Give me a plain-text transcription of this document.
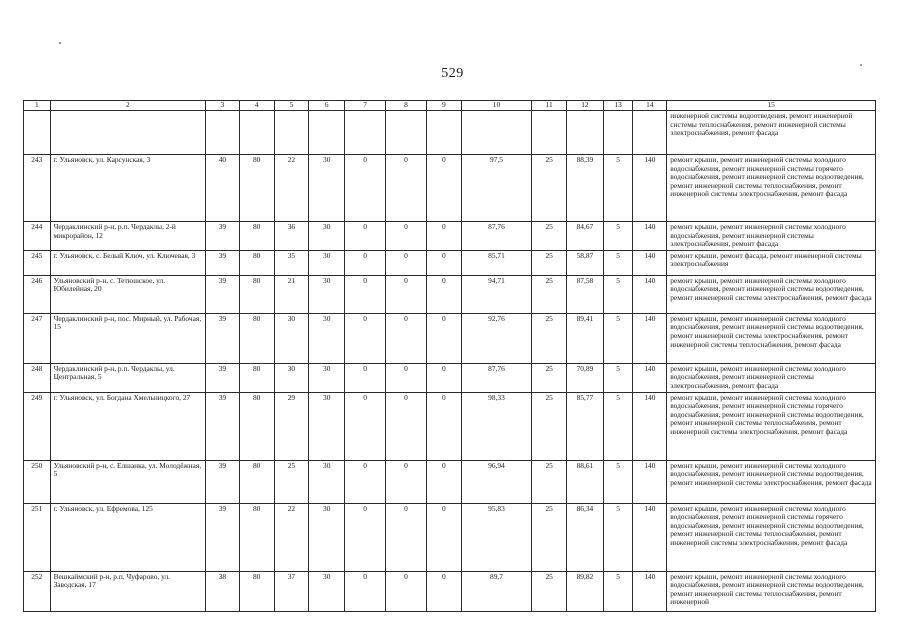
529
1	2	3	4	5	6	7	8	9	10	11	12	13	14	15
														инженерной системы водоотведения, ремонт инженерной системы теплоснабжения, ремонт инженерной системы электроснабжения, ремонт фасада
243	г. Ульяновск, ул. Карсунская, 3	40	80	22	30	0	0	0	97,5	25	88,39	5	140	ремонт крыши, ремонт инженерной системы холодного водоснабжения, ремонт инженерной системы горячего водоснабжения, ремонт инженерной системы водоотведения, ремонт инженерной системы теплоснабжения, ремонт инженерной системы электроснабжения, ремонт фасада
244	Чердаклинский р-н, р.п. Чердаклы, 2-й микрорайон, 12	39	80	36	30	0	0	0	87,76	25	84,67	5	140	ремонт крыши, ремонт инженерной системы холодного водоснабжения, ремонт инженерной системы электроснабжения, ремонт фасада
245	г. Ульяновск, с. Белый Ключ, ул. Ключевая, 3	39	80	35	30	0	0	0	85,71	25	58,87	5	140	ремонт крыши, ремонт фасада, ремонт инженерной системы электроснабжения
246	Ульяновский р-н, с. Тетюшское, ул. Юбилейная, 20	39	80	21	30	0	0	0	94,71	25	87,58	5	140	ремонт крыши, ремонт инженерной системы холодного водоснабжения, ремонт инженерной системы водоотведения, ремонт инженерной системы электроснабжения, ремонт фасада
247	Чердаклинский р-н, пос. Мирный, ул. Рабочая, 15	39	80	30	30	0	0	0	92,76	25	89,41	5	140	ремонт крыши, ремонт инженерной системы холодного водоснабжения, ремонт инженерной системы водоотведения, ремонт инженерной системы электроснабжения, ремонт инженерной системы теплоснабжения, ремонт фасада
248	Чердаклинский р-н, р.п. Чердаклы, ул. Центральная, 5	39	80	30	30	0	0	0	87,76	25	70,89	5	140	ремонт крыши, ремонт инженерной системы холодного водоснабжения, ремонт инженерной системы электроснабжения, ремонт фасада
249	г. Ульяновск, ул. Богдана Хмельницкого, 27	39	80	29	30	0	0	0	98,33	25	85,77	5	140	ремонт крыши, ремонт инженерной системы холодного водоснабжения, ремонт инженерной системы горячего водоснабжения, ремонт инженерной системы водоотведения, ремонт инженерной системы теплоснабжения, ремонт инженерной системы электроснабжения, ремонт фасада
250	Ульяновский р-н, с. Елшанка, ул. Молодёжная, 5	39	80	25	30	0	0	0	96,94	25	88,61	5	140	ремонт крыши, ремонт инженерной системы холодного водоснабжения, ремонт инженерной системы водоотведения, ремонт инженерной системы электроснабжения, ремонт фасада
251	г. Ульяновск, ул. Ефремова, 125	39	80	22	30	0	0	0	95,83	25	86,34	5	140	ремонт крыши, ремонт инженерной системы холодного водоснабжения, ремонт инженерной системы горячего водоснабжения, ремонт инженерной системы водоотведения, ремонт инженерной системы теплоснабжения, ремонт инженерной системы электроснабжения, ремонт фасада
252	Вешкаймский р-н, р.п. Чуфарово, ул. Заводская, 17	38	80	37	30	0	0	0	89,7	25	89,82	5	140	ремонт крыши, ремонт инженерной системы холодного водоснабжения, ремонт инженерной системы водоотведения, ремонт инженерной системы теплоснабжения, ремонт инженерной
